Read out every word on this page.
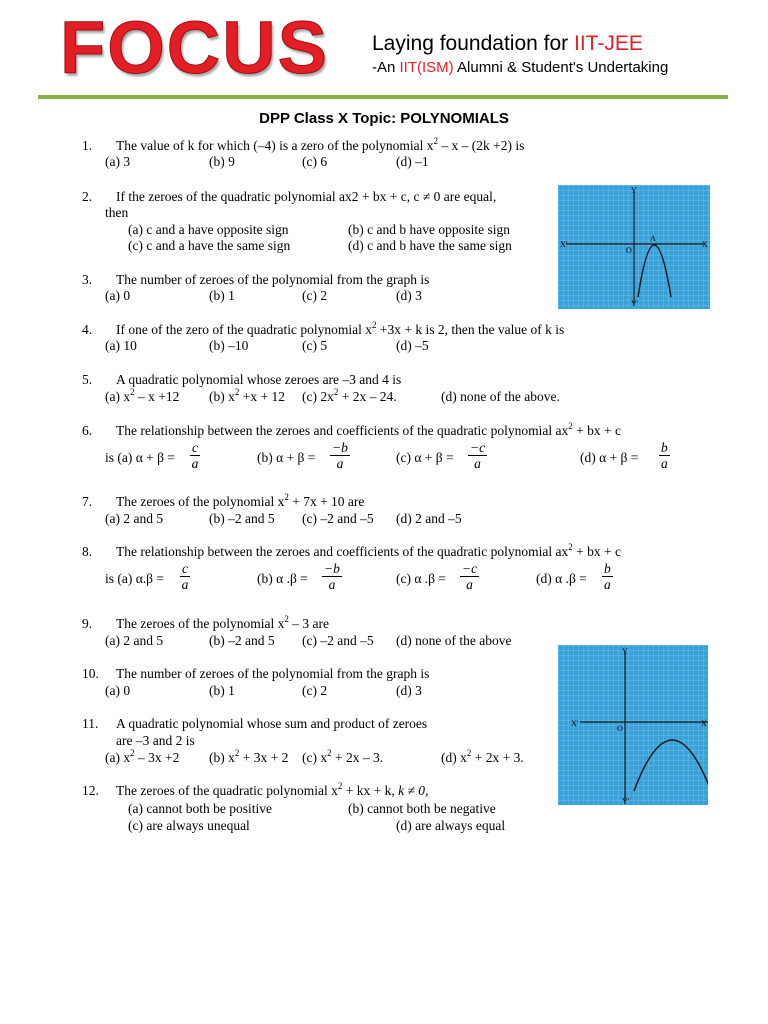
FOCUS Laying foundation for IIT-JEE
-An IIT(ISM) Alumni & Student's Undertaking
DPP Class X Topic: POLYNOMIALS
1. The value of k for which (–4) is a zero of the polynomial $x^2 - x - (2k +2)$ is
(a) 3	(b) 9	(c) 6	(d) –1
2. If the zeroes of the quadratic polynomial ax2 + bx + c, c ≠ 0 are equal,
then
(a) c and a have opposite sign	(b) c and b have opposite sign
(c) c and a have the same sign	(d) c and b have the same sign
Y
Y'
X
X'
O
A
3. The number of zeroes of the polynomial from the graph is
(a) 0	(b) 1	(c) 2	(d) 3
4. If one of the zero of the quadratic polynomial $x^2 +3x + k$ is 2, then the value of k is
(a) 10	(b) –10	(c) 5	(d) –5
5. A quadratic polynomial whose zeroes are –3 and 4 is
(a) $x^2 - x +12$ (b) $x^2 +x + 12$ (c) $2x^2 + 2x - 24$.	(d) none of the above.
6. The relationship between the zeroes and coefficients of the quadratic polynomial $ax^2$ + bx + c
is (a) $\alpha + \beta = \frac{c}{a}$	(b) $\alpha + \beta = \frac{-b}{a}$	(c) $\alpha + \beta = \frac{-c}{a}$	(d) $\alpha + \beta = \frac{b}{a}$
7. The zeroes of the polynomial $x^2 + 7x + 10$ are
(a) 2 and 5	(b) –2 and 5 (c) –2 and –5 (d) 2 and –5
8. The relationship between the zeroes and coefficients of the quadratic polynomial $ax^2$ + bx + c
is (a) $\alpha.\beta = \frac{c}{a}$	(b) α $.\beta = \frac{-b}{a}$	(c) α $.\beta = \frac{-c}{a}$	(d) α $.\beta = \frac{b}{a}$
9. The zeroes of the polynomial $x^2 - 3$ are
(a) 2 and 5	(b) –2 and 5 (c) –2 and –5 (d) none of the above
Y
Y'
X
X'
O
10. The number of zeroes of the polynomial from the graph is
(a) 0	(b) 1	(c) 2	(d) 3
11. A quadratic polynomial whose sum and product of zeroes
are –3 and 2 is
(a) $x^2 - 3x +2$ (b) $x^2 + 3x + 2$ (c) $x^2 + 2x - 3$.	(d) $x^2 + 2x + 3$.
12. The zeroes of the quadratic polynomial $x^2$ + kx + k, k ≠ 0,
(a) cannot both be positive	(b) cannot both be negative
(c) are always unequal	(d) are always equal
